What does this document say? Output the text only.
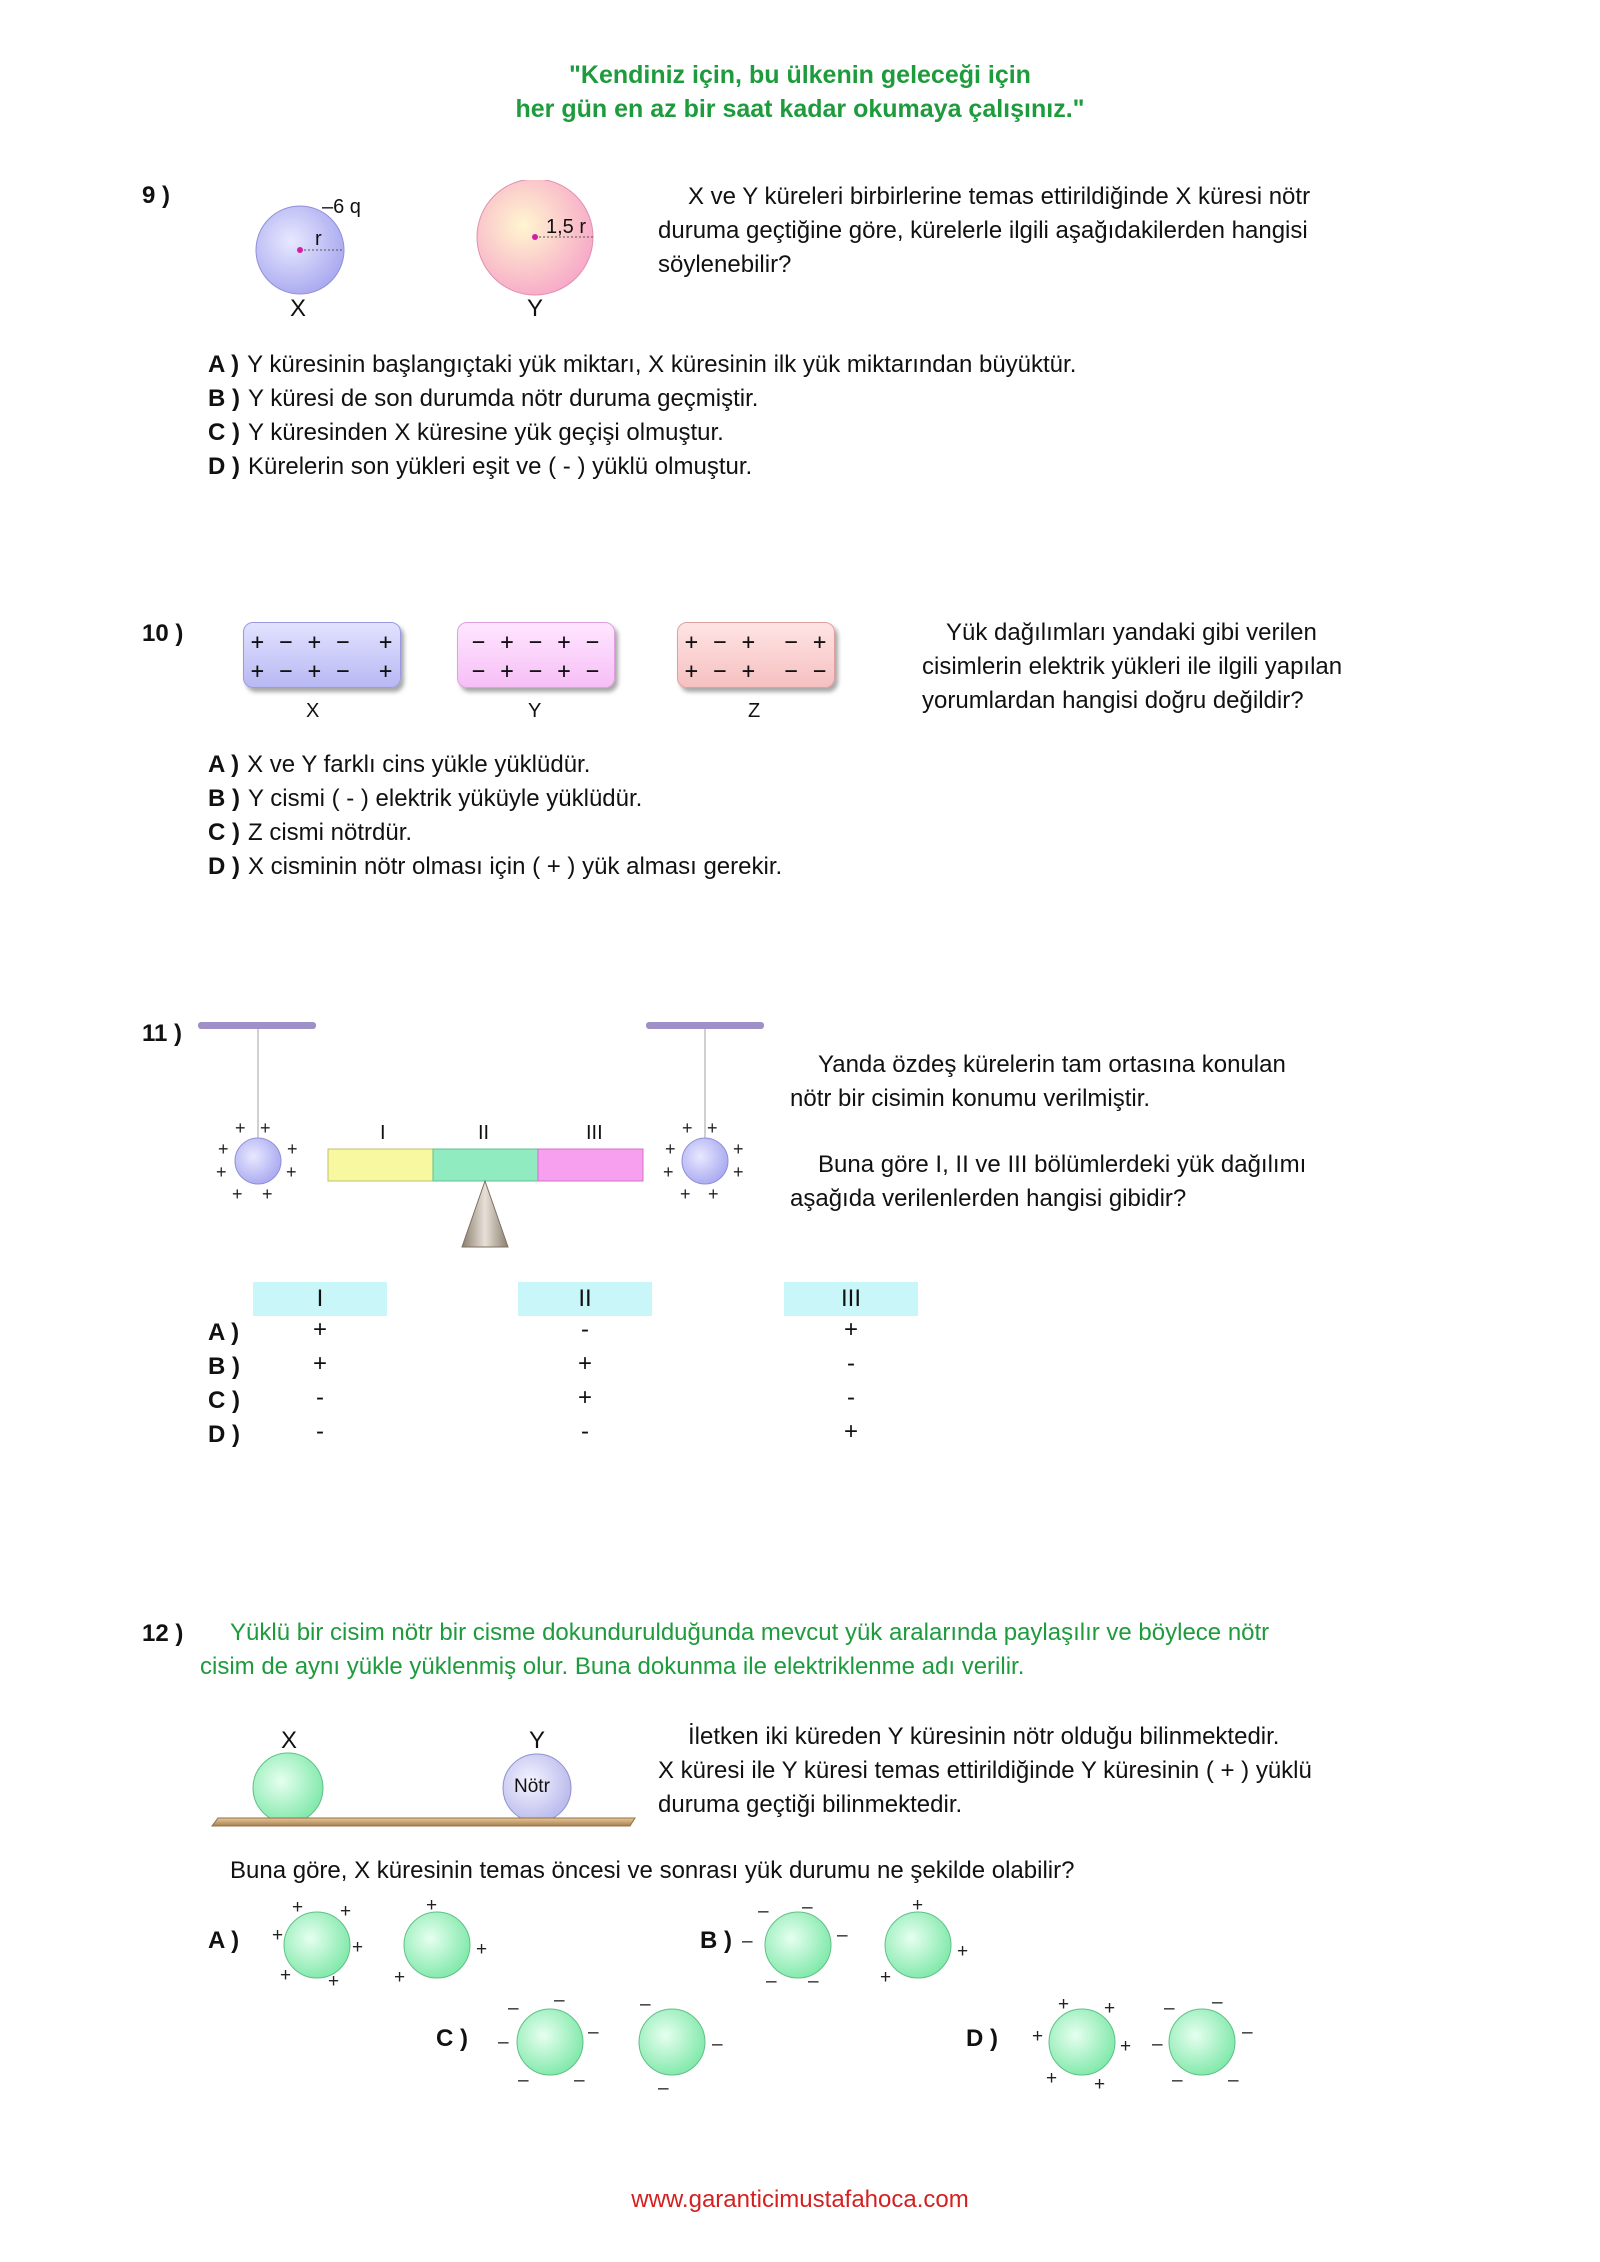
"Kendiniz için, bu ülkenin geleceği için
her gün en az bir saat kadar okumaya çalışınız."
9 )	–6 q
r
1,5 r
X	Y
X ve Y küreleri birbirlerine temas ettirildiğinde X küresi nötr
duruma geçtiğine göre, kürelerle ilgili aşağıdakilerden hangisi
söylenebilir?
A ) Y küresinin başlangıçtaki yük miktarı, X küresinin ilk yük miktarından büyüktür.
B ) Y küresi de son durumda nötr duruma geçmiştir.
C ) Y küresinden X küresine yük geçişi olmuştur.
D ) Kürelerin son yükleri eşit ve ( - ) yüklü olmuştur.
10 )	+ − + −  +
+ − + −  +
− + − + −
− + − + −
+ − +  − +
+ − +  − −
X	Y	Z
Yük dağılımları yandaki gibi verilen
cisimlerin elektrik yükleri ile ilgili yapılan
yorumlardan hangisi doğru değildir?
A ) X ve Y farklı cins yükle yüklüdür.
B ) Y cismi ( - ) elektrik yüküyle yüklüdür.
C ) Z cismi nötrdür.
D ) X cisminin nötr olması için ( + ) yük alması gerekir.
11 )
+ +
+	+
+	+
+ +
+ +
+	+
+	+
+ +
I	II	III
Yanda özdeş kürelerin tam ortasına konulan
nötr bir cisimin konumu verilmiştir.
Buna göre I, II ve III bölümlerdeki yük dağılımı
aşağıda verilenlerden hangisi gibidir?
I	II	III
A )	+	-	+
B )	+	+	-
C )	-	+	-
D )	-	-	+
12 ) Yüklü bir cisim nötr bir cisme dokundurulduğunda mevcut yük aralarında paylaşılır ve böylece nötr
cisim de aynı yükle yüklenmiş olur. Buna dokunma ile elektriklenme adı verilir.
X	Y
Nötr
İletken iki küreden Y küresinin nötr olduğu bilinmektedir.
X küresi ile Y küresi temas ettirildiğinde Y küresinin ( + ) yüklü
duruma geçtiği bilinmektedir.
Buna göre, X küresinin temas öncesi ve sonrası yük durumu ne şekilde olabilir?
A )
+ +
+
+
+ +
+
+
+
B )
– –
–	–
– –
+
+
+
C )
– –
–	–
– –
–
–
–
D )
+ +
+	+
+ +
– –
–
–
– –
www.garanticimustafahoca.com
